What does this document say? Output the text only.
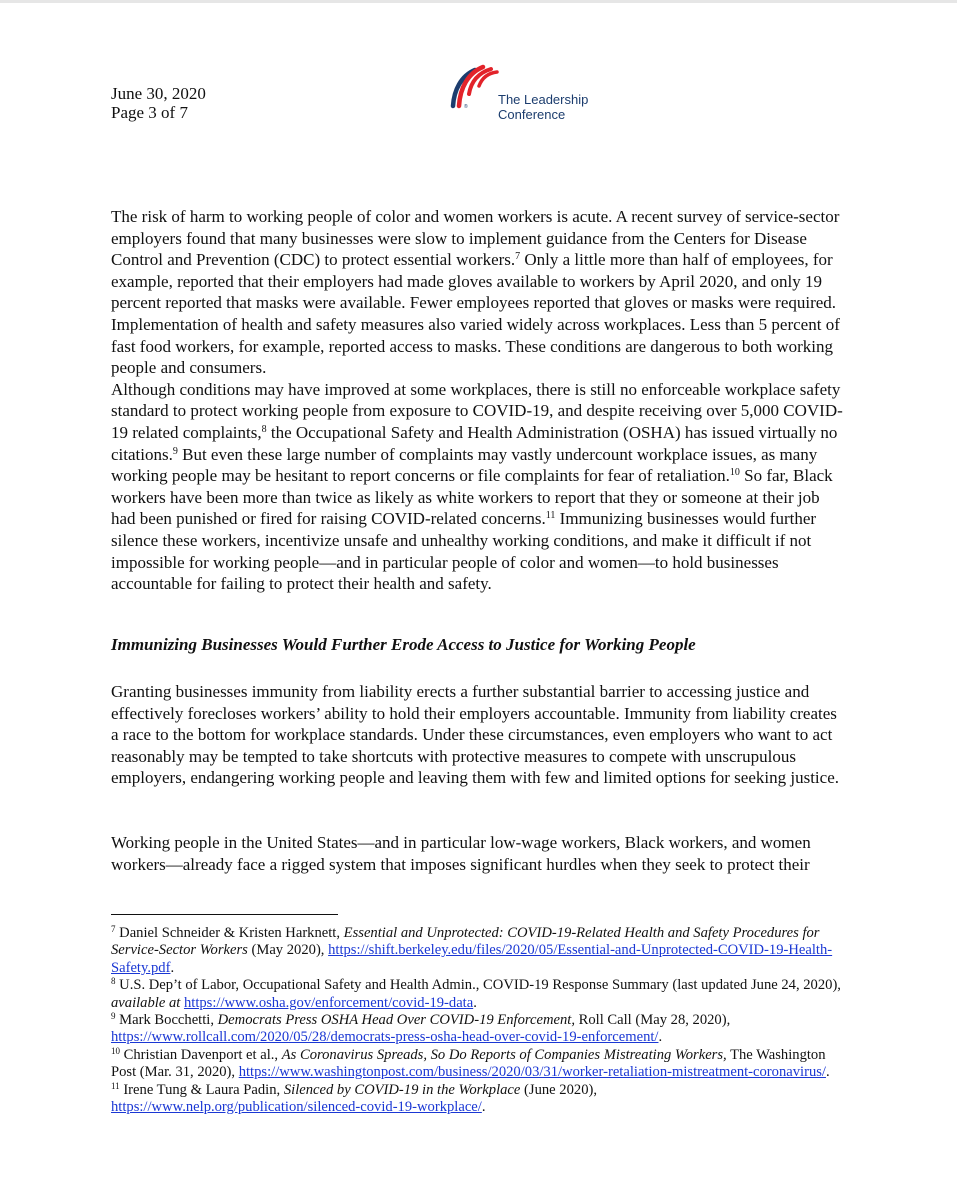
June 30, 2020
Page 3 of 7	® The Leadership
Conference
The risk of harm to working people of color and women workers is acute. A recent survey of service-sector employers found that many businesses were slow to implement guidance from the Centers for Disease Control and Prevention (CDC) to protect essential workers.$^7$ Only a little more than half of employees, for example, reported that their employers had made gloves available to workers by April 2020, and only 19 percent reported that masks were available. Fewer employees reported that gloves or masks were required. Implementation of health and safety measures also varied widely across workplaces. Less than 5 percent of fast food workers, for example, reported access to masks. These conditions are dangerous to both working people and consumers.
Although conditions may have improved at some workplaces, there is still no enforceable workplace safety standard to protect working people from exposure to COVID-19, and despite receiving over 5,000 COVID-19 related complaints,$^8$ the Occupational Safety and Health Administration (OSHA) has issued virtually no citations.$^9$ But even these large number of complaints may vastly undercount workplace issues, as many working people may be hesitant to report concerns or file complaints for fear of retaliation.$^{10}$ So far, Black workers have been more than twice as likely as white workers to report that they or someone at their job had been punished or fired for raising COVID-related concerns.$^{11}$ Immunizing businesses would further silence these workers, incentivize unsafe and unhealthy working conditions, and make it difficult if not impossible for working people—and in particular people of color and women—to hold businesses accountable for failing to protect their health and safety.
Immunizing Businesses Would Further Erode Access to Justice for Working People
Granting businesses immunity from liability erects a further substantial barrier to accessing justice and effectively forecloses workers’ ability to hold their employers accountable. Immunity from liability creates a race to the bottom for workplace standards. Under these circumstances, even employers who want to act reasonably may be tempted to take shortcuts with protective measures to compete with unscrupulous employers, endangering working people and leaving them with few and limited options for seeking justice.
Working people in the United States—and in particular low-wage workers, Black workers, and women workers—already face a rigged system that imposes significant hurdles when they seek to protect their
$^7$ Daniel Schneider & Kristen Harknett, Essential and Unprotected: COVID-19-Related Health and Safety Procedures for Service-Sector Workers (May 2020), https://shift.berkeley.edu/files/2020/05/Essential-and-Unprotected-COVID-19-Health-Safety.pdf.
$^8$ U.S. Dep’t of Labor, Occupational Safety and Health Admin., COVID-19 Response Summary (last updated June 24, 2020), available at https://www.osha.gov/enforcement/covid-19-data.
$^9$ Mark Bocchetti, Democrats Press OSHA Head Over COVID-19 Enforcement, Roll Call (May 28, 2020), https://www.rollcall.com/2020/05/28/democrats-press-osha-head-over-covid-19-enforcement/.
$^{10}$ Christian Davenport et al., As Coronavirus Spreads, So Do Reports of Companies Mistreating Workers, The Washington Post (Mar. 31, 2020), https://www.washingtonpost.com/business/2020/03/31/worker-retaliation-mistreatment-coronavirus/.
$^{11}$ Irene Tung & Laura Padin, Silenced by COVID-19 in the Workplace (June 2020), https://www.nelp.org/publication/silenced-covid-19-workplace/.
